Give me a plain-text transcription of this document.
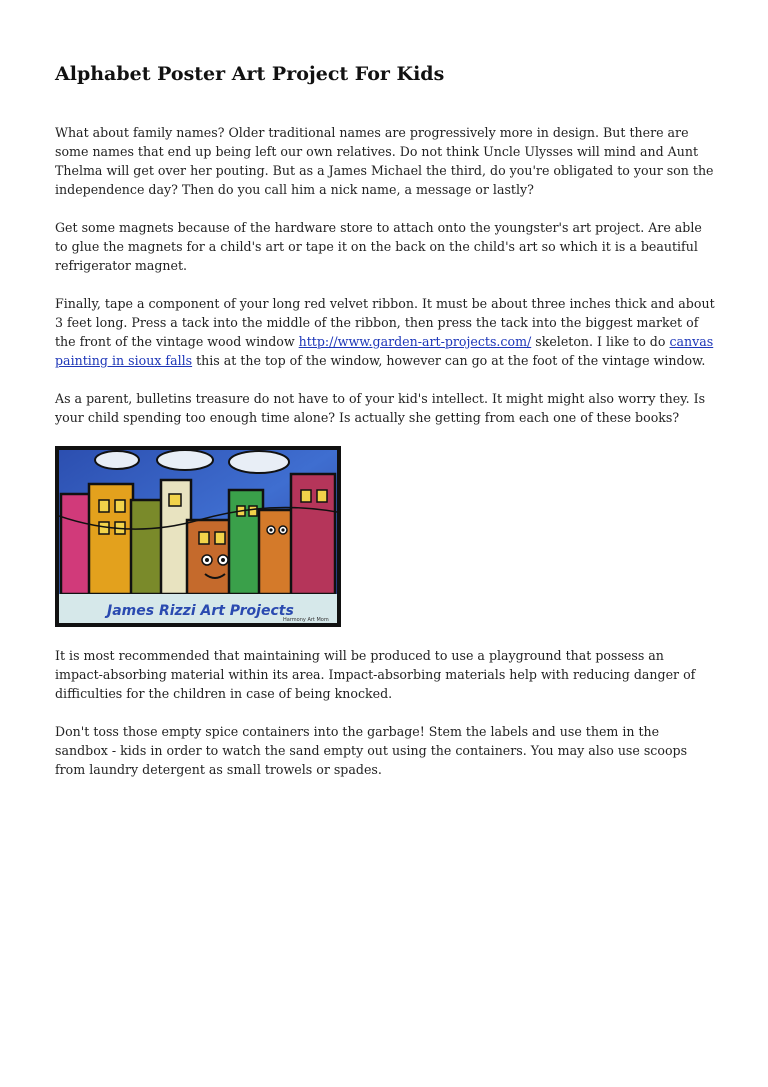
Alphabet Poster Art Project For Kids

What about family names? Older traditional names are progressively more in design. But there are some names that end up being left our own relatives. Do not think Uncle Ulysses will mind and Aunt Thelma will get over her pouting. But as a James Michael the third, do you're obligated to your son the independence day? Then do you call him a nick name, a message or lastly?

Get some magnets because of the hardware store to attach onto the youngster's art project. Are able to glue the magnets for a child's art or tape it on the back on the child's art so which it is a beautiful refrigerator magnet.

Finally, tape a component of your long red velvet ribbon. It must be about three inches thick and about 3 feet long. Press a tack into the middle of the ribbon, then press the tack into the biggest market of the front of the vintage wood window http://www.garden-art-projects.com/ skeleton. I like to do canvas painting in sioux falls this at the top of the window, however can go at the foot of the vintage window.

As a parent, bulletins treasure do not have to of your kid's intellect. It might might also worry they. Is your child spending too enough time alone? Is actually she getting from each one of these books?

James Rizzi Art Projects
Harmony Art Mom

It is most recommended that maintaining will be produced to use a playground that possess an impact-absorbing material within its area. Impact-absorbing materials help with reducing danger of difficulties for the children in case of being knocked.

Don't toss those empty spice containers into the garbage! Stem the labels and use them in the sandbox - kids in order to watch the sand empty out using the containers. You may also use scoops from laundry detergent as small trowels or spades.
